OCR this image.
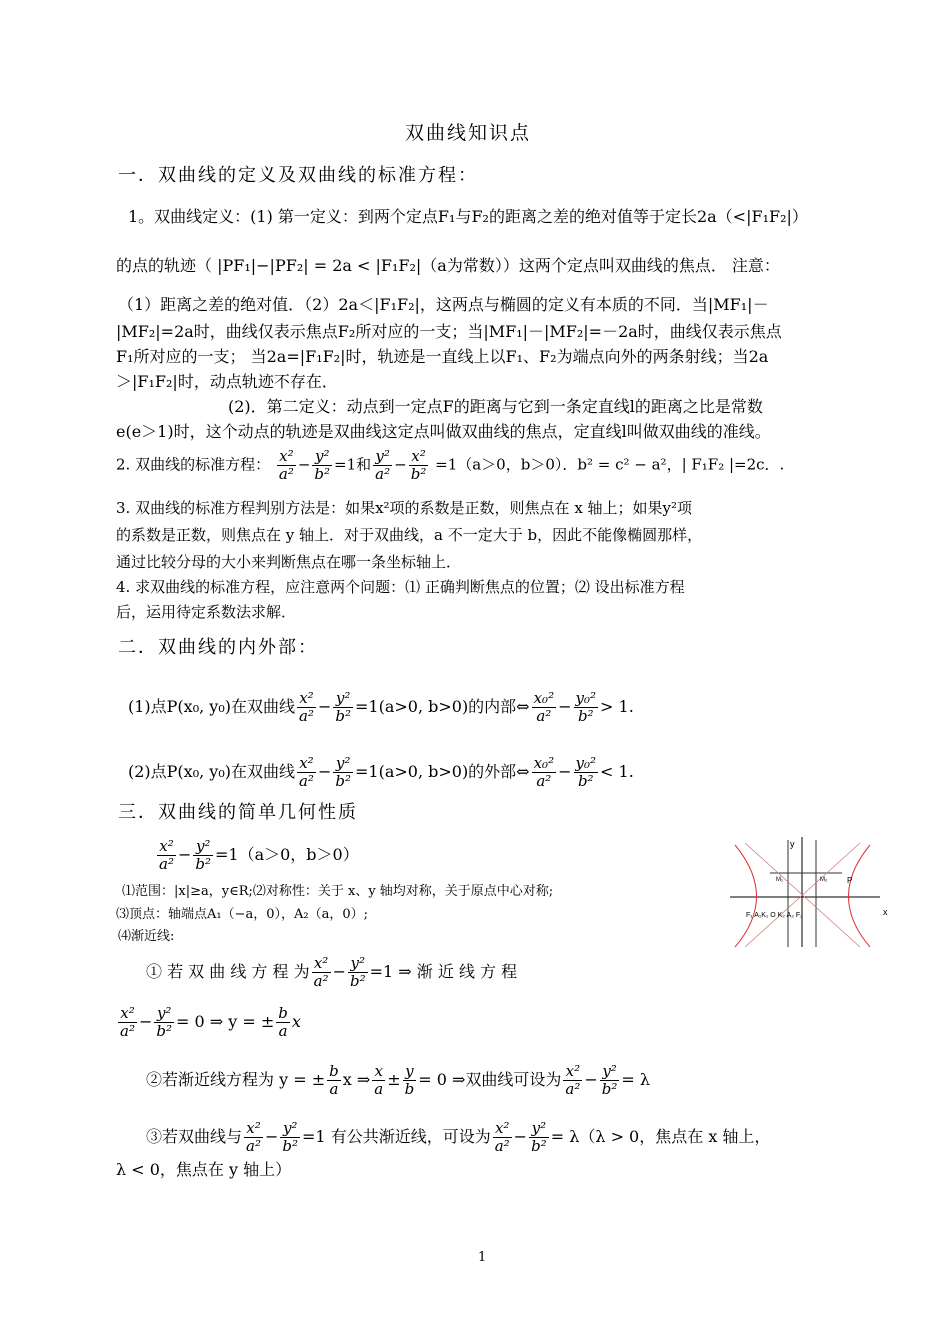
双曲线知识点
一．双曲线的定义及双曲线的标准方程：
1。双曲线定义：(1) 第一定义：到两个定点F₁与F₂的距离之差的绝对值等于定长2a（<|F₁F₂|）
的点的轨迹（ |PF₁|−|PF₂| = 2a < |F₁F₂|（a为常数））这两个定点叫双曲线的焦点． 注意：
（1）距离之差的绝对值．（2）2a＜|F₁F₂|，这两点与椭圆的定义有本质的不同．当|MF₁|－
|MF₂|=2a时，曲线仅表示焦点F₂所对应的一支；当|MF₁|－|MF₂|=－2a时，曲线仅表示焦点
F₁所对应的一支； 当2a=|F₁F₂|时，轨迹是一直线上以F₁、F₂为端点向外的两条射线；当2a
＞|F₁F₂|时，动点轨迹不存在．
(2)．第二定义：动点到一定点F的距离与它到一条定直线l的距离之比是常数
e(e＞1)时，这个动点的轨迹是双曲线这定点叫做双曲线的焦点，定直线l叫做双曲线的准线。
2. 双曲线的标准方程： $\frac{\text{x²}}{\text{a²}} - \frac{\text{y²}}{\text{b²}} =1$和 $\frac{\text{y²}}{\text{a²}} - \frac{\text{x²}}{\text{b²}} =1(a>0$，b＞0）．b² = c² − a²，| F₁F₂ |=2c．.
3. 双曲线的标准方程判别方法是：如果x²项的系数是正数，则焦点在 x 轴上；如果y²项
的系数是正数，则焦点在 y 轴上．对于双曲线，a 不一定大于 b，因此不能像椭圆那样，
通过比较分母的大小来判断焦点在哪一条坐标轴上．
4. 求双曲线的标准方程，应注意两个问题：⑴ 正确判断焦点的位置；⑵ 设出标准方程
后，运用待定系数法求解．
二．双曲线的内外部：
(1)点P(x₀, y₀)在双曲线 $\frac{\text{x²}}{\text{a²}} - \frac{\text{y²}}{\text{b²}} =1(a>0$, b>0)的内部⇔ $\frac{\text{x₀²}}{\text{a²}} - \frac{\text{y₀²}}{\text{b²}} > 1$.
(2)点P(x₀, y₀)在双曲线 $\frac{\text{x²}}{\text{a²}} - \frac{\text{y²}}{\text{b²}} =1(a>0$, b>0)的外部⇔ $\frac{\text{x₀²}}{\text{a²}} - \frac{\text{y₀²}}{\text{b²}} < 1$.
三．双曲线的简单几何性质
$\frac{\text{x²}}{\text{a²}} - \frac{\text{y²}}{\text{b²}} =1(a>0$，b＞0）
⑴范围：|x|≥a，y∈R;⑵对称性：关于 x、y 轴均对称，关于原点中心对称;
⑶顶点：轴端点A₁（−a，0），A₂（a，0）;
⑷渐近线:
① 若 双 曲 线 方 程 为 $\frac{\text{x²}}{\text{a²}} - \frac{\text{y²}}{\text{b²}} =1$ ⇒ 渐 近 线 方 程
$\frac{\text{x²}}{\text{a²}} - \frac{\text{y²}}{\text{b²}} = 0$ ⇒ y = ± $\frac{b}{a}$ x
②若渐近线方程为 y = ± $\frac{b}{a}$ x ⇒ $\frac{x}{a} \pm \frac{y}{b} = 0$ ⇒双曲线可设为 $\frac{\text{x²}}{\text{a²}} - \frac{\text{y²}}{\text{b²}} = \lambda$
③若双曲线与 $\frac{\text{x²}}{\text{a²}} - \frac{\text{y²}}{\text{b²}} =1$ 有公共渐近线，可设为 $\frac{\text{x²}}{\text{a²}} - \frac{\text{y²}}{\text{b²}} = \lambda(\lambda > 0$，焦点在 x 轴上，
λ < 0，焦点在 y 轴上）
y
x
M₁	M₂ P
F₁ A₁K₁ O K₂ A₂ F₂
1
